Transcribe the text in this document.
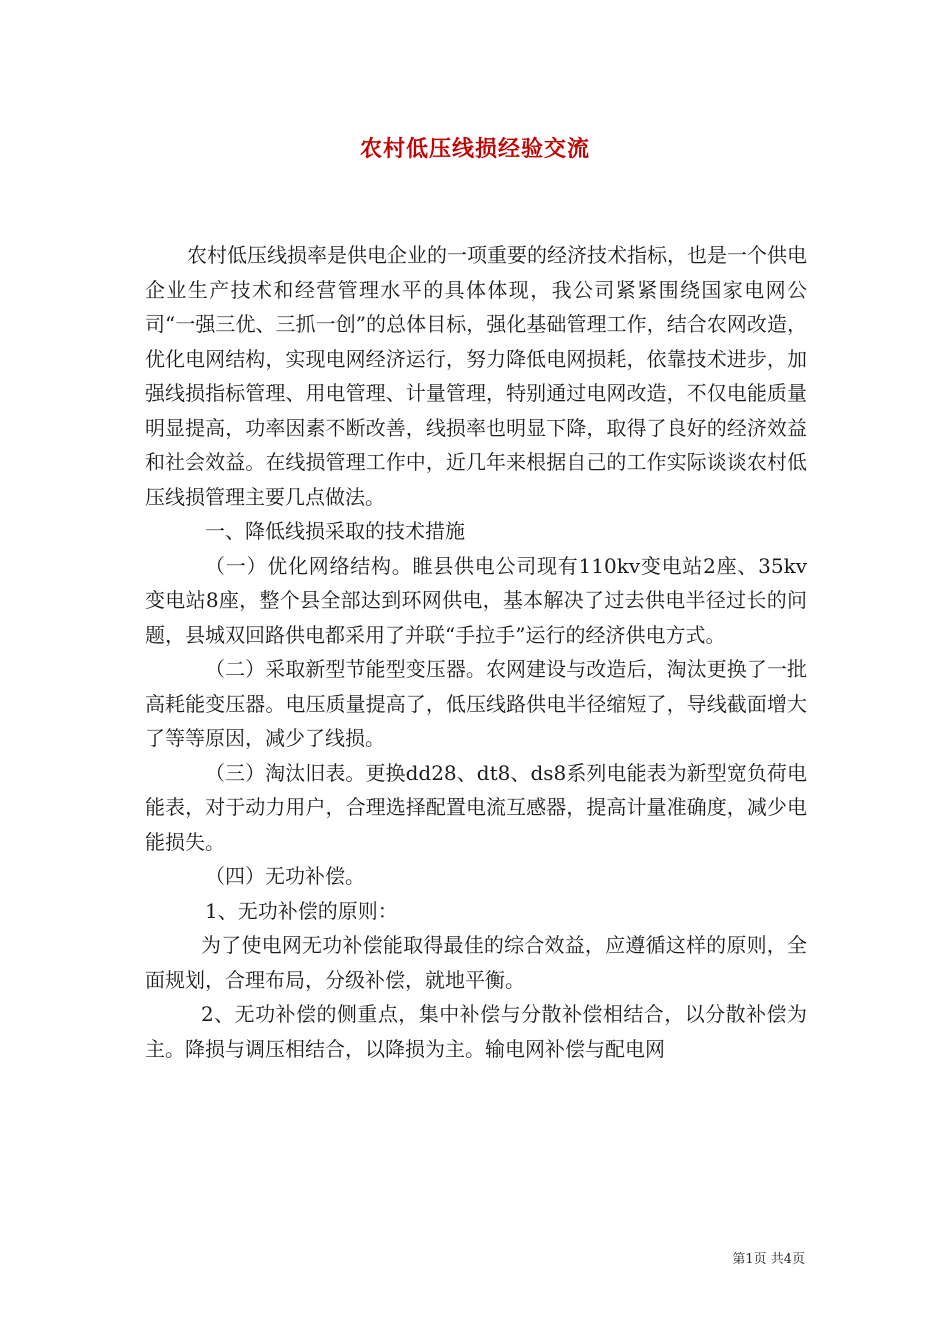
农村低压线损经验交流

农村低压线损率是供电企业的一项重要的经济技术指标，也是一个供电企业生产技术和经营管理水平的具体体现，我公司紧紧围绕国家电网公司“一强三优、三抓一创”的总体目标，强化基础管理工作，结合农网改造，优化电网结构，实现电网经济运行，努力降低电网损耗，依靠技术进步，加强线损指标管理、用电管理、计量管理，特别通过电网改造，不仅电能质量明显提高，功率因素不断改善，线损率也明显下降，取得了良好的经济效益和社会效益。在线损管理工作中，近几年来根据自己的工作实际谈谈农村低压线损管理主要几点做法。

一、降低线损采取的技术措施

（一）优化网络结构。睢县供电公司现有110kv变电站2座、35kv变电站8座，整个县全部达到环网供电，基本解决了过去供电半径过长的问题，县城双回路供电都采用了并联“手拉手”运行的经济供电方式。

（二）采取新型节能型变压器。农网建设与改造后，淘汰更换了一批高耗能变压器。电压质量提高了，低压线路供电半径缩短了，导线截面增大了等等原因，减少了线损。

（三）淘汰旧表。更换dd28、dt8、ds8系列电能表为新型宽负荷电能表，对于动力用户，合理选择配置电流互感器，提高计量准确度，减少电能损失。

（四）无功补偿。

1、无功补偿的原则：

为了使电网无功补偿能取得最佳的综合效益，应遵循这样的原则，全面规划，合理布局，分级补偿，就地平衡。

2、无功补偿的侧重点，集中补偿与分散补偿相结合，以分散补偿为主。降损与调压相结合，以降损为主。输电网补偿与配电网

第1页 共4页
